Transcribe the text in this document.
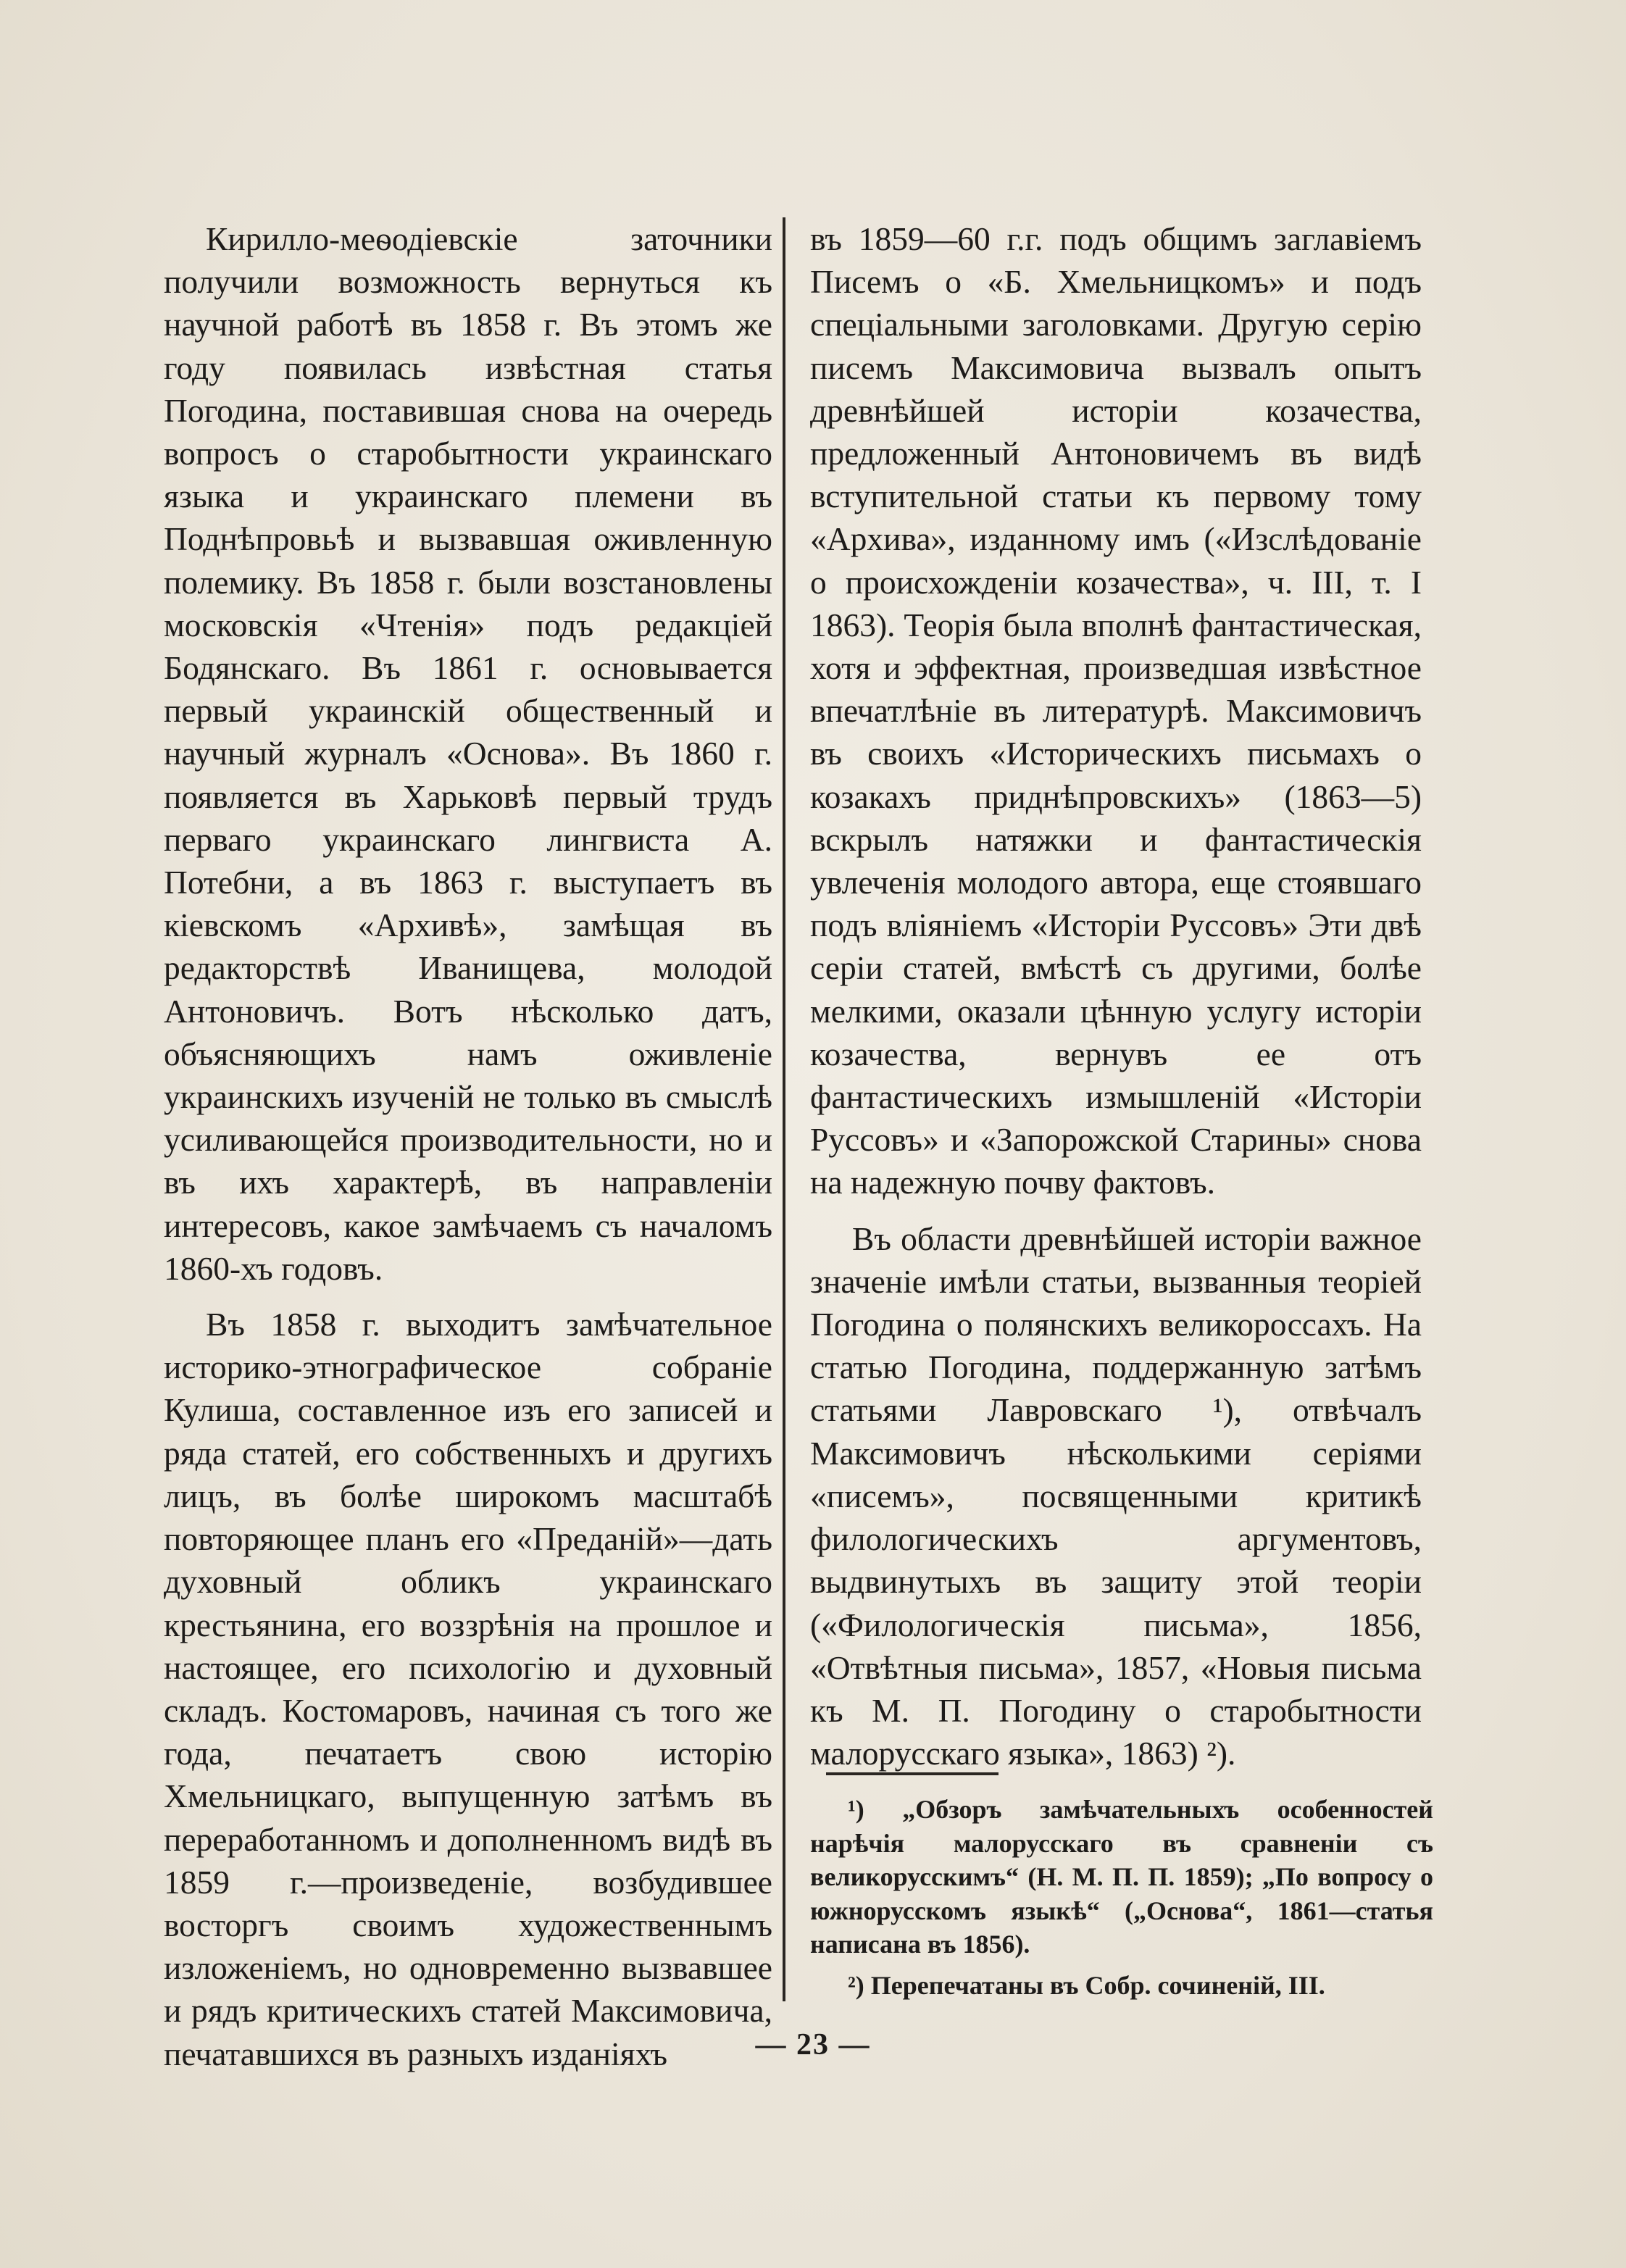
Кирилло-меѳодіевскіе заточники получили возможность вернуться къ научной работѣ въ 1858 г. Въ этомъ же году появилась извѣстная статья Погодина, поставившая снова на очередь вопросъ о старобытности украинскаго языка и украинскаго племени въ Поднѣпровьѣ и вызвавшая оживленную полемику. Въ 1858 г. были возстановлены московскія «Чтенія» подъ редакціей Бодянскаго. Въ 1861 г. основывается первый украинскій общественный и научный журналъ «Основа». Въ 1860 г. появляется въ Харьковѣ первый трудъ перваго украинскаго лингвиста А. Потебни, а въ 1863 г. выступаетъ въ кіевскомъ «Архивѣ», замѣщая въ редакторствѣ Иванищева, молодой Антоновичъ. Вотъ нѣсколько датъ, объясняющихъ намъ оживленіе украинскихъ изученій не только въ смыслѣ усиливающейся производительности, но и въ ихъ характерѣ, въ направленіи интересовъ, какое замѣчаемъ съ началомъ 1860-хъ годовъ.

Въ 1858 г. выходитъ замѣчательное историко-этнографическое собраніе Кулиша, составленное изъ его записей и ряда статей, его собственныхъ и другихъ лицъ, въ болѣе широкомъ масштабѣ повторяющее планъ его «Преданій»—дать духовный обликъ украинскаго крестьянина, его воззрѣнія на прошлое и настоящее, его психологію и духовный складъ. Костомаровъ, начиная съ того же года, печатаетъ свою исторію Хмельницкаго, выпущенную затѣмъ въ переработанномъ и дополненномъ видѣ въ 1859 г.—произведеніе, возбудившее восторгъ своимъ художественнымъ изложеніемъ, но одновременно вызвавшее и рядъ критическихъ статей Максимовича, печатавшихся въ разныхъ изданіяхъ

въ 1859—60 г.г. подъ общимъ заглавіемъ Писемъ о «Б. Хмельницкомъ» и подъ спеціальными заголовками. Другую серію писемъ Максимовича вызвалъ опытъ древнѣйшей исторіи козачества, предложенный Антоновичемъ въ видѣ вступительной статьи къ первому тому «Архива», изданному имъ («Изслѣдованіе о происхожденіи козачества», ч. III, т. I 1863). Теорія была вполнѣ фантастическая, хотя и эффектная, произведшая извѣстное впечатлѣніе въ литературѣ. Максимовичъ въ своихъ «Историческихъ письмахъ о козакахъ приднѣпровскихъ» (1863—5) вскрылъ натяжки и фантастическія увлеченія молодого автора, еще стоявшаго подъ вліяніемъ «Исторіи Руссовъ» Эти двѣ серіи статей, вмѣстѣ съ другими, болѣе мелкими, оказали цѣнную услугу исторіи козачества, вернувъ ее отъ фантастическихъ измышленій «Исторіи Руссовъ» и «Запорожской Старины» снова на надежную почву фактовъ.

Въ области древнѣйшей исторіи важное значеніе имѣли статьи, вызванныя теоріей Погодина о полянскихъ великороссахъ. На статью Погодина, поддержанную затѣмъ статьями Лавровскаго ¹), отвѣчалъ Максимовичъ нѣсколькими серіями «писемъ», посвященными критикѣ филологическихъ аргументовъ, выдвинутыхъ въ защиту этой теоріи («Филологическія письма», 1856, «Отвѣтныя письма», 1857, «Новыя письма къ М. П. Погодину о старобытности малорусскаго языка», 1863) ²).

¹) „Обзоръ замѣчательныхъ особенностей нарѣчія малорусскаго въ сравненіи съ великорусскимъ“ (Н. М. П. П. 1859); „По вопросу о южнорусскомъ языкѣ“ („Основа“, 1861—статья написана въ 1856).

²) Перепечатаны въ Собр. сочиненій, III.

— 23 —
